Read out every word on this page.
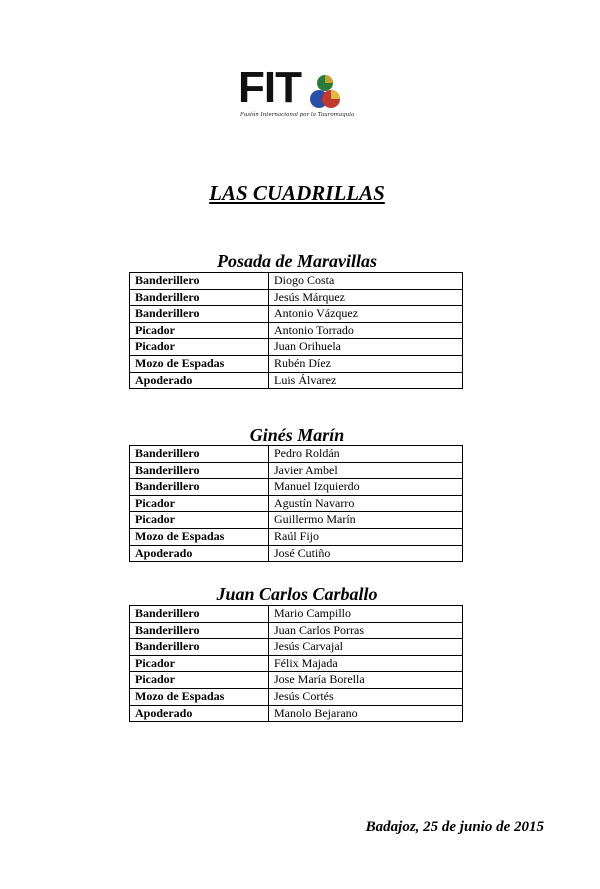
FIT
Fusión Internacional por la Tauromaquia
LAS CUADRILLAS
Posada de Maravillas
Banderillero	Diogo Costa
Banderillero	Jesús Márquez
Banderillero	Antonio Vázquez
Picador	Antonio Torrado
Picador	Juan Orihuela
Mozo de Espadas	Rubén Díez
Apoderado	Luis Álvarez
Ginés Marín
Banderillero	Pedro Roldán
Banderillero	Javier Ambel
Banderillero	Manuel Izquierdo
Picador	Agustín Navarro
Picador	Guillermo Marín
Mozo de Espadas	Raúl Fijo
Apoderado	José Cutiño
Juan Carlos Carballo
Banderillero	Mario Campillo
Banderillero	Juan Carlos Porras
Banderillero	Jesús Carvajal
Picador	Félix Majada
Picador	Jose María Borella
Mozo de Espadas	Jesús Cortés
Apoderado	Manolo Bejarano
Badajoz, 25 de junio de 2015
